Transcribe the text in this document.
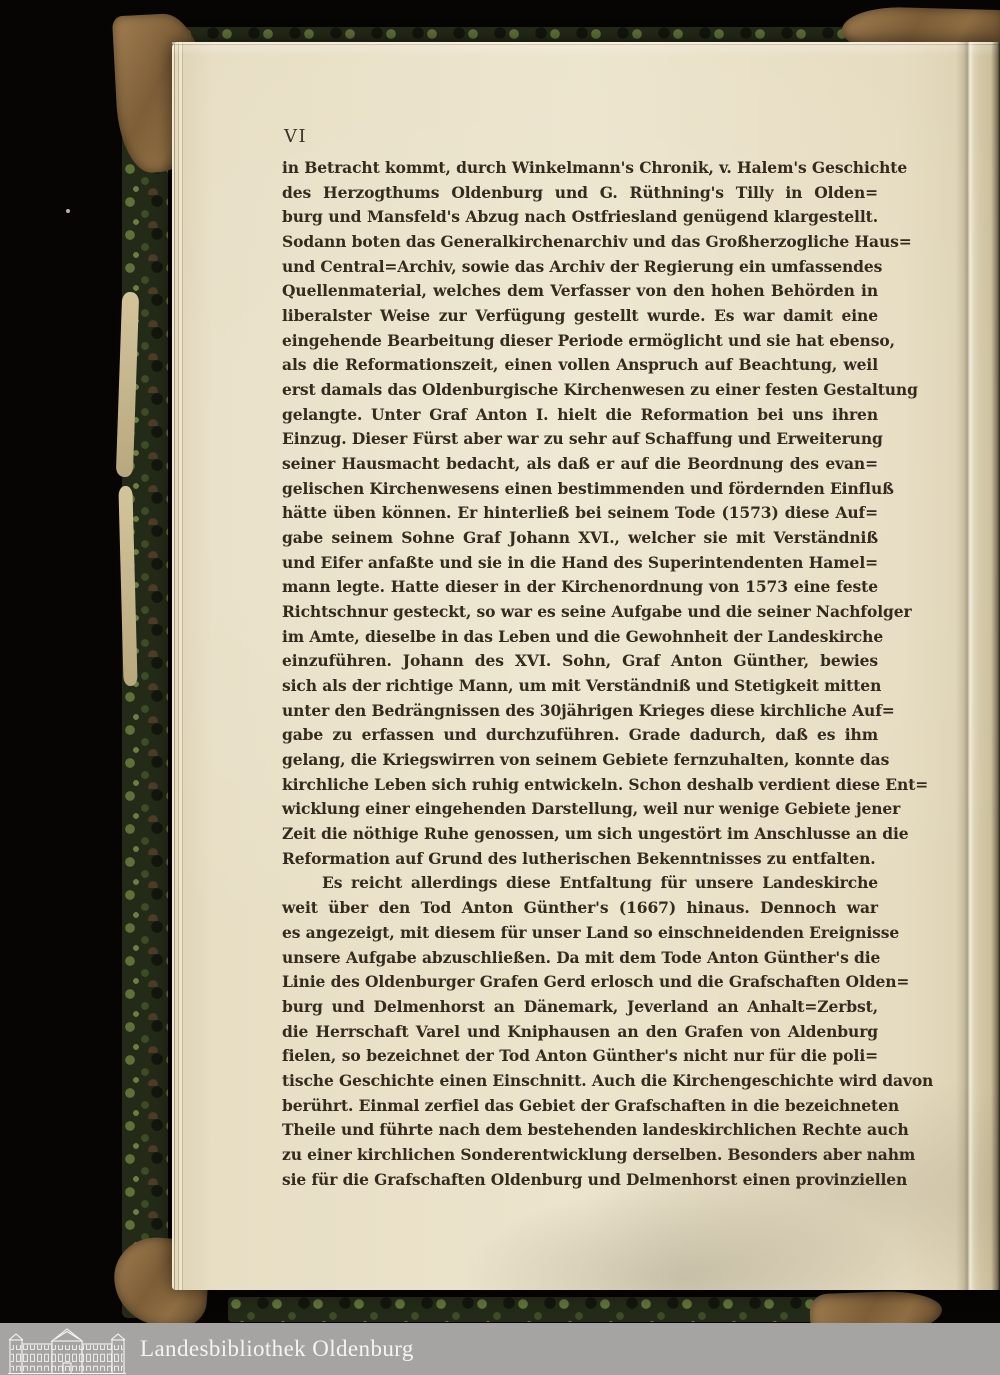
VI
in Betracht kommt, durch Winkelmann's Chronik, v. Halem's Geschichte
des Herzogthums Oldenburg und G. Rüthning's Tilly in Olden=
burg und Mansfeld's Abzug nach Ostfriesland genügend klargestellt.
Sodann boten das Generalkirchenarchiv und das Großherzogliche Haus=
und Central=Archiv, sowie das Archiv der Regierung ein umfassendes
Quellenmaterial, welches dem Verfasser von den hohen Behörden in
liberalster Weise zur Verfügung gestellt wurde. Es war damit eine
eingehende Bearbeitung dieser Periode ermöglicht und sie hat ebenso,
als die Reformationszeit, einen vollen Anspruch auf Beachtung, weil
erst damals das Oldenburgische Kirchenwesen zu einer festen Gestaltung
gelangte. Unter Graf Anton I. hielt die Reformation bei uns ihren
Einzug. Dieser Fürst aber war zu sehr auf Schaffung und Erweiterung
seiner Hausmacht bedacht, als daß er auf die Beordnung des evan=
gelischen Kirchenwesens einen bestimmenden und fördernden Einfluß
hätte üben können. Er hinterließ bei seinem Tode (1573) diese Auf=
gabe seinem Sohne Graf Johann XVI., welcher sie mit Verständniß
und Eifer anfaßte und sie in die Hand des Superintendenten Hamel=
mann legte. Hatte dieser in der Kirchenordnung von 1573 eine feste
Richtschnur gesteckt, so war es seine Aufgabe und die seiner Nachfolger
im Amte, dieselbe in das Leben und die Gewohnheit der Landeskirche
einzuführen. Johann des XVI. Sohn, Graf Anton Günther, bewies
sich als der richtige Mann, um mit Verständniß und Stetigkeit mitten
unter den Bedrängnissen des 30jährigen Krieges diese kirchliche Auf=
gabe zu erfassen und durchzuführen. Grade dadurch, daß es ihm
gelang, die Kriegswirren von seinem Gebiete fernzuhalten, konnte das
kirchliche Leben sich ruhig entwickeln. Schon deshalb verdient diese Ent=
wicklung einer eingehenden Darstellung, weil nur wenige Gebiete jener
Zeit die nöthige Ruhe genossen, um sich ungestört im Anschlusse an die
Reformation auf Grund des lutherischen Bekenntnisses zu entfalten.
Es reicht allerdings diese Entfaltung für unsere Landeskirche
weit über den Tod Anton Günther's (1667) hinaus. Dennoch war
es angezeigt, mit diesem für unser Land so einschneidenden Ereignisse
unsere Aufgabe abzuschließen. Da mit dem Tode Anton Günther's die
Linie des Oldenburger Grafen Gerd erlosch und die Grafschaften Olden=
burg und Delmenhorst an Dänemark, Jeverland an Anhalt=Zerbst,
die Herrschaft Varel und Kniphausen an den Grafen von Aldenburg
fielen, so bezeichnet der Tod Anton Günther's nicht nur für die poli=
tische Geschichte einen Einschnitt. Auch die Kirchengeschichte wird davon
berührt. Einmal zerfiel das Gebiet der Grafschaften in die bezeichneten
Theile und führte nach dem bestehenden landeskirchlichen Rechte auch
zu einer kirchlichen Sonderentwicklung derselben. Besonders aber nahm
sie für die Grafschaften Oldenburg und Delmenhorst einen provinziellen
Landesbibliothek Oldenburg
